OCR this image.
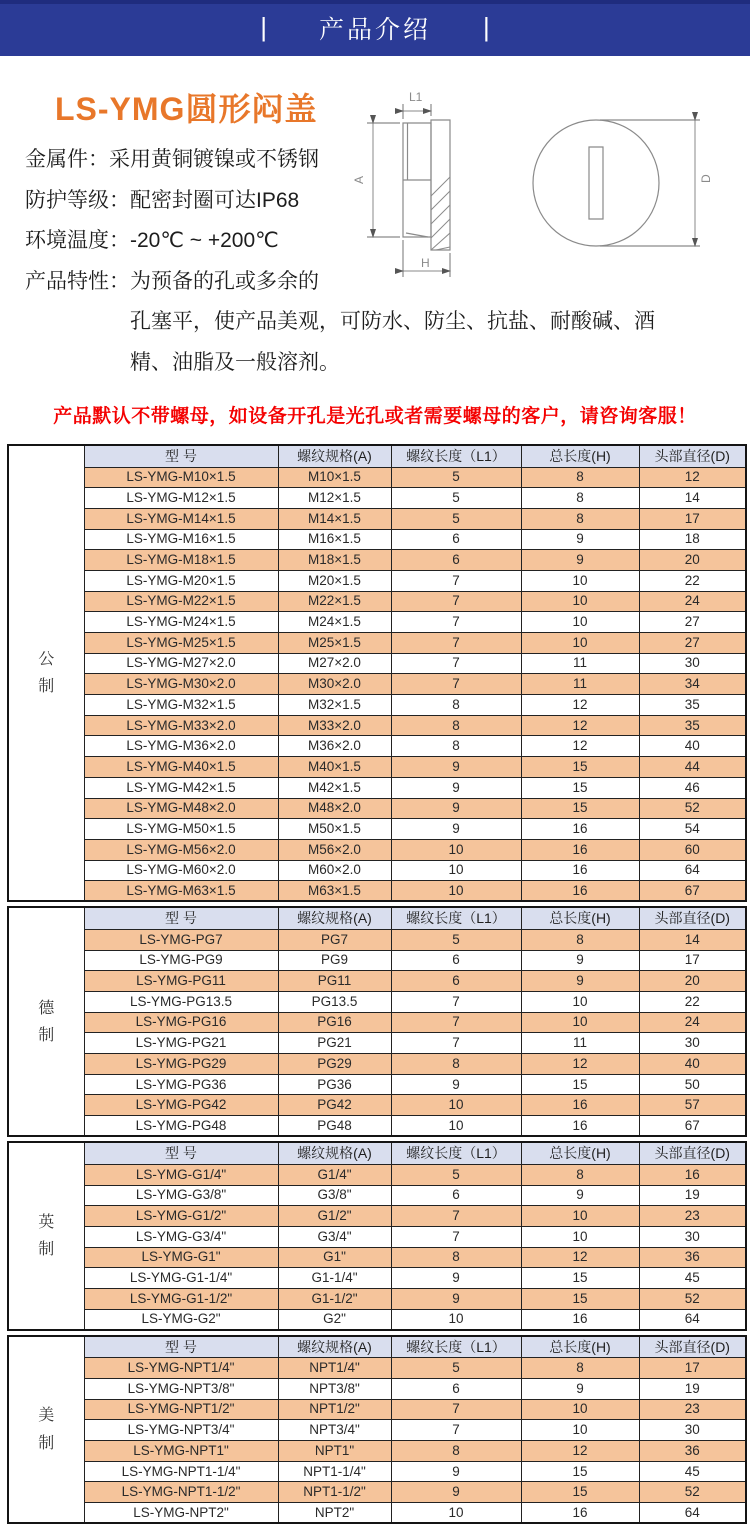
| 产品介绍 |
LS-YMG圆形闷盖
金属件：采用黄铜镀镍或不锈钢
防护等级：配密封圈可达IP68
环境温度：-20℃ ~ +200℃
产品特性：为预备的孔或多余的
孔塞平，使产品美观，可防水、防尘、抗盐、耐酸碱、酒
精、油脂及一般溶剂。
L1
A
H
D
产品默认不带螺母，如设备开孔是光孔或者需要螺母的客户，请咨询客服！
公
制	型 号	螺纹规格(A)	螺纹长度（L1）	总长度(H)	头部直径(D)
	LS-YMG-M10×1.5	M10×1.5	5	8	12
	LS-YMG-M12×1.5	M12×1.5	5	8	14
	LS-YMG-M14×1.5	M14×1.5	5	8	17
	LS-YMG-M16×1.5	M16×1.5	6	9	18
	LS-YMG-M18×1.5	M18×1.5	6	9	20
	LS-YMG-M20×1.5	M20×1.5	7	10	22
	LS-YMG-M22×1.5	M22×1.5	7	10	24
	LS-YMG-M24×1.5	M24×1.5	7	10	27
	LS-YMG-M25×1.5	M25×1.5	7	10	27
	LS-YMG-M27×2.0	M27×2.0	7	11	30
	LS-YMG-M30×2.0	M30×2.0	7	11	34
	LS-YMG-M32×1.5	M32×1.5	8	12	35
	LS-YMG-M33×2.0	M33×2.0	8	12	35
	LS-YMG-M36×2.0	M36×2.0	8	12	40
	LS-YMG-M40×1.5	M40×1.5	9	15	44
	LS-YMG-M42×1.5	M42×1.5	9	15	46
	LS-YMG-M48×2.0	M48×2.0	9	15	52
	LS-YMG-M50×1.5	M50×1.5	9	16	54
	LS-YMG-M56×2.0	M56×2.0	10	16	60
	LS-YMG-M60×2.0	M60×2.0	10	16	64
	LS-YMG-M63×1.5	M63×1.5	10	16	67
德
制	型 号	螺纹规格(A)	螺纹长度（L1）	总长度(H)	头部直径(D)
	LS-YMG-PG7	PG7	5	8	14
	LS-YMG-PG9	PG9	6	9	17
	LS-YMG-PG11	PG11	6	9	20
	LS-YMG-PG13.5	PG13.5	7	10	22
	LS-YMG-PG16	PG16	7	10	24
	LS-YMG-PG21	PG21	7	11	30
	LS-YMG-PG29	PG29	8	12	40
	LS-YMG-PG36	PG36	9	15	50
	LS-YMG-PG42	PG42	10	16	57
	LS-YMG-PG48	PG48	10	16	67
英
制	型 号	螺纹规格(A)	螺纹长度（L1）	总长度(H)	头部直径(D)
	LS-YMG-G1/4"	G1/4"	5	8	16
	LS-YMG-G3/8"	G3/8"	6	9	19
	LS-YMG-G1/2"	G1/2"	7	10	23
	LS-YMG-G3/4"	G3/4"	7	10	30
	LS-YMG-G1"	G1"	8	12	36
	LS-YMG-G1-1/4"	G1-1/4"	9	15	45
	LS-YMG-G1-1/2"	G1-1/2"	9	15	52
	LS-YMG-G2"	G2"	10	16	64
美
制	型 号	螺纹规格(A)	螺纹长度（L1）	总长度(H)	头部直径(D)
	LS-YMG-NPT1/4"	NPT1/4"	5	8	17
	LS-YMG-NPT3/8"	NPT3/8"	6	9	19
	LS-YMG-NPT1/2"	NPT1/2"	7	10	23
	LS-YMG-NPT3/4"	NPT3/4"	7	10	30
	LS-YMG-NPT1"	NPT1"	8	12	36
	LS-YMG-NPT1-1/4"	NPT1-1/4"	9	15	45
	LS-YMG-NPT1-1/2"	NPT1-1/2"	9	15	52
	LS-YMG-NPT2"	NPT2"	10	16	64
